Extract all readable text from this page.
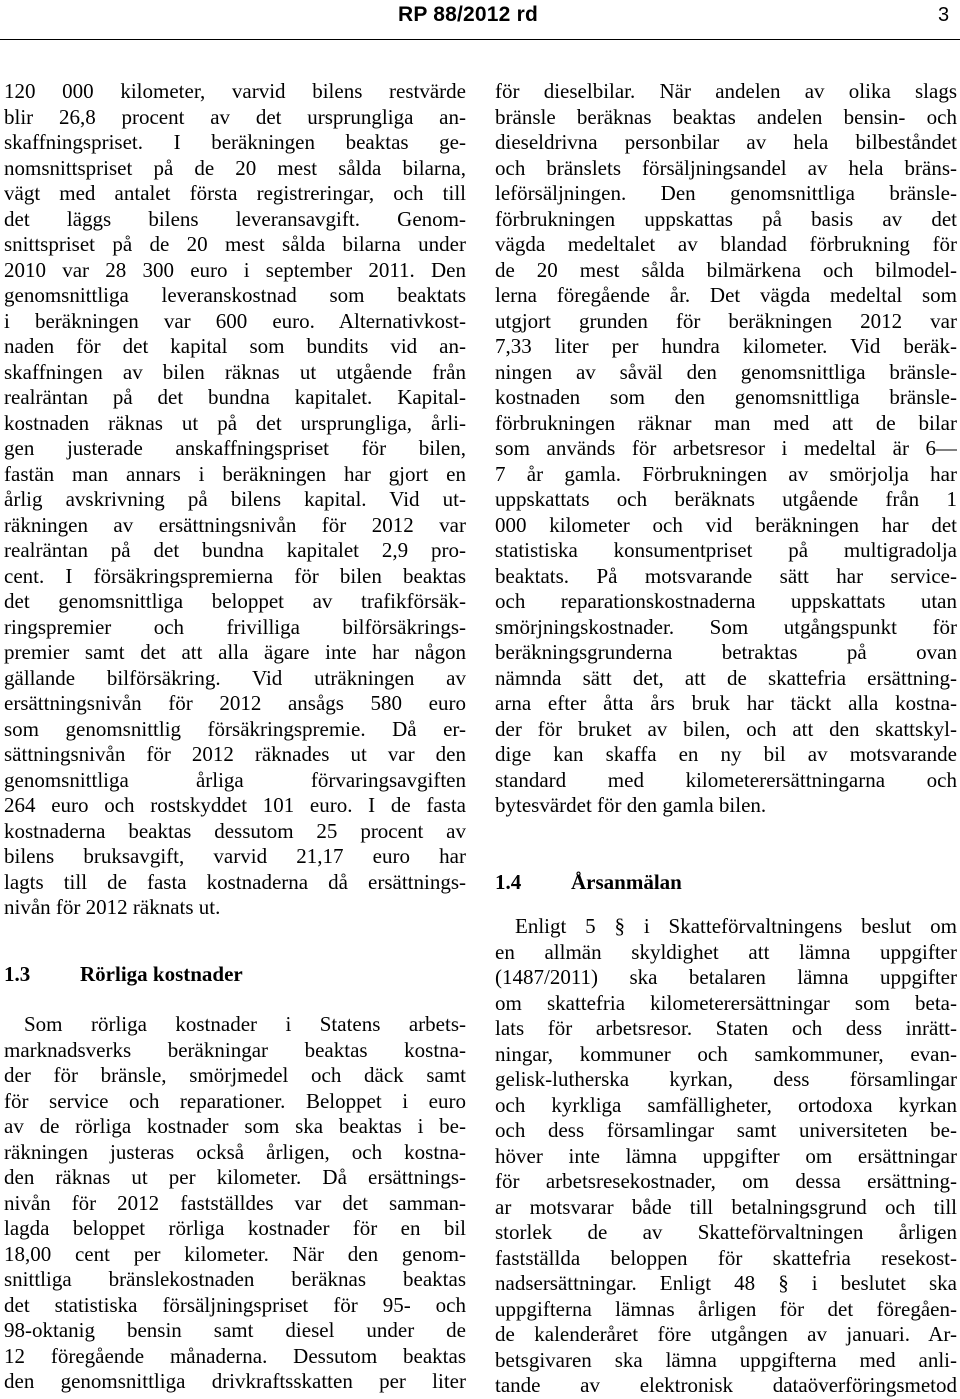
RP 88/2012 rd	3
120 000 kilometer, varvid bilens restvärde
blir 26,8 procent av det ursprungliga an-
skaffningspriset. I beräkningen beaktas ge-
nomsnittspriset på de 20 mest sålda bilarna,
vägt med antalet första registreringar, och till
det läggs bilens leveransavgift. Genom-
snittspriset på de 20 mest sålda bilarna under
2010 var 28 300 euro i september 2011. Den
genomsnittliga leveranskostnad som beaktats
i beräkningen var 600 euro. Alternativkost-
naden för det kapital som bundits vid an-
skaffningen av bilen räknas ut utgående från
realräntan på det bundna kapitalet. Kapital-
kostnaden räknas ut på det ursprungliga, årli-
gen justerade anskaffningspriset för bilen,
fastän man annars i beräkningen har gjort en
årlig avskrivning på bilens kapital. Vid ut-
räkningen av ersättningsnivån för 2012 var
realräntan på det bundna kapitalet 2,9 pro-
cent. I försäkringspremierna för bilen beaktas
det genomsnittliga beloppet av trafikförsäk-
ringspremier och frivilliga bilförsäkrings-
premier samt det att alla ägare inte har någon
gällande bilförsäkring. Vid uträkningen av
ersättningsnivån för 2012 ansågs 580 euro
som genomsnittlig försäkringspremie. Då er-
sättningsnivån för 2012 räknades ut var den
genomsnittliga årliga förvaringsavgiften
264 euro och rostskyddet 101 euro. I de fasta
kostnaderna beaktas dessutom 25 procent av
bilens bruksavgift, varvid 21,17 euro har
lagts till de fasta kostnaderna då ersättnings-
nivån för 2012 räknats ut.
1.3 Rörliga kostnader
Som rörliga kostnader i Statens arbets-
marknadsverks beräkningar beaktas kostna-
der för bränsle, smörjmedel och däck samt
för service och reparationer. Beloppet i euro
av de rörliga kostnader som ska beaktas i be-
räkningen justeras också årligen, och kostna-
den räknas ut per kilometer. Då ersättnings-
nivån för 2012 fastställdes var det samman-
lagda beloppet rörliga kostnader för en bil
18,00 cent per kilometer. När den genom-
snittliga bränslekostnaden beräknas beaktas
det statistiska försäljningspriset för 95- och
98-oktanig bensin samt diesel under de
12 föregående månaderna. Dessutom beaktas
den genomsnittliga drivkraftsskatten per liter
för dieselbilar. När andelen av olika slags
bränsle beräknas beaktas andelen bensin- och
dieseldrivna personbilar av hela bilbeståndet
och bränslets försäljningsandel av hela bräns-
leförsäljningen. Den genomsnittliga bränsle-
förbrukningen uppskattas på basis av det
vägda medeltalet av blandad förbrukning för
de 20 mest sålda bilmärkena och bilmodel-
lerna föregående år. Det vägda medeltal som
utgjort grunden för beräkningen 2012 var
7,33 liter per hundra kilometer. Vid beräk-
ningen av såväl den genomsnittliga bränsle-
kostnaden som den genomsnittliga bränsle-
förbrukningen räknar man med att de bilar
som används för arbetsresor i medeltal är 6—
7 år gamla. Förbrukningen av smörjolja har
uppskattats och beräknats utgående från 1
000 kilometer och vid beräkningen har det
statistiska konsumentpriset på multigradolja
beaktats. På motsvarande sätt har service-
och reparationskostnaderna uppskattats utan
smörjningskostnader. Som utgångspunkt för
beräkningsgrunderna betraktas på ovan
nämnda sätt det, att de skattefria ersättning-
arna efter åtta års bruk har täckt alla kostna-
der för bruket av bilen, och att den skattskyl-
dige kan skaffa en ny bil av motsvarande
standard med kilometerersättningarna och
bytesvärdet för den gamla bilen.
1.4 Årsanmälan
Enligt 5 § i Skatteförvaltningens beslut om
en allmän skyldighet att lämna uppgifter
(1487/2011) ska betalaren lämna uppgifter
om skattefria kilometerersättningar som beta-
lats för arbetsresor. Staten och dess inrätt-
ningar, kommuner och samkommuner, evan-
gelisk-lutherska kyrkan, dess församlingar
och kyrkliga samfälligheter, ortodoxa kyrkan
och dess församlingar samt universiteten be-
höver inte lämna uppgifter om ersättningar
för arbetsresekostnader, om dessa ersättning-
ar motsvarar både till betalningsgrund och till
storlek de av Skatteförvaltningen årligen
fastställda beloppen för skattefria resekost-
nadsersättningar. Enligt 48 § i beslutet ska
uppgifterna lämnas årligen för det föregåen-
de kalenderåret före utgången av januari. Ar-
betsgivaren ska lämna uppgifterna med anli-
tande av elektronisk dataöverföringsmetod
